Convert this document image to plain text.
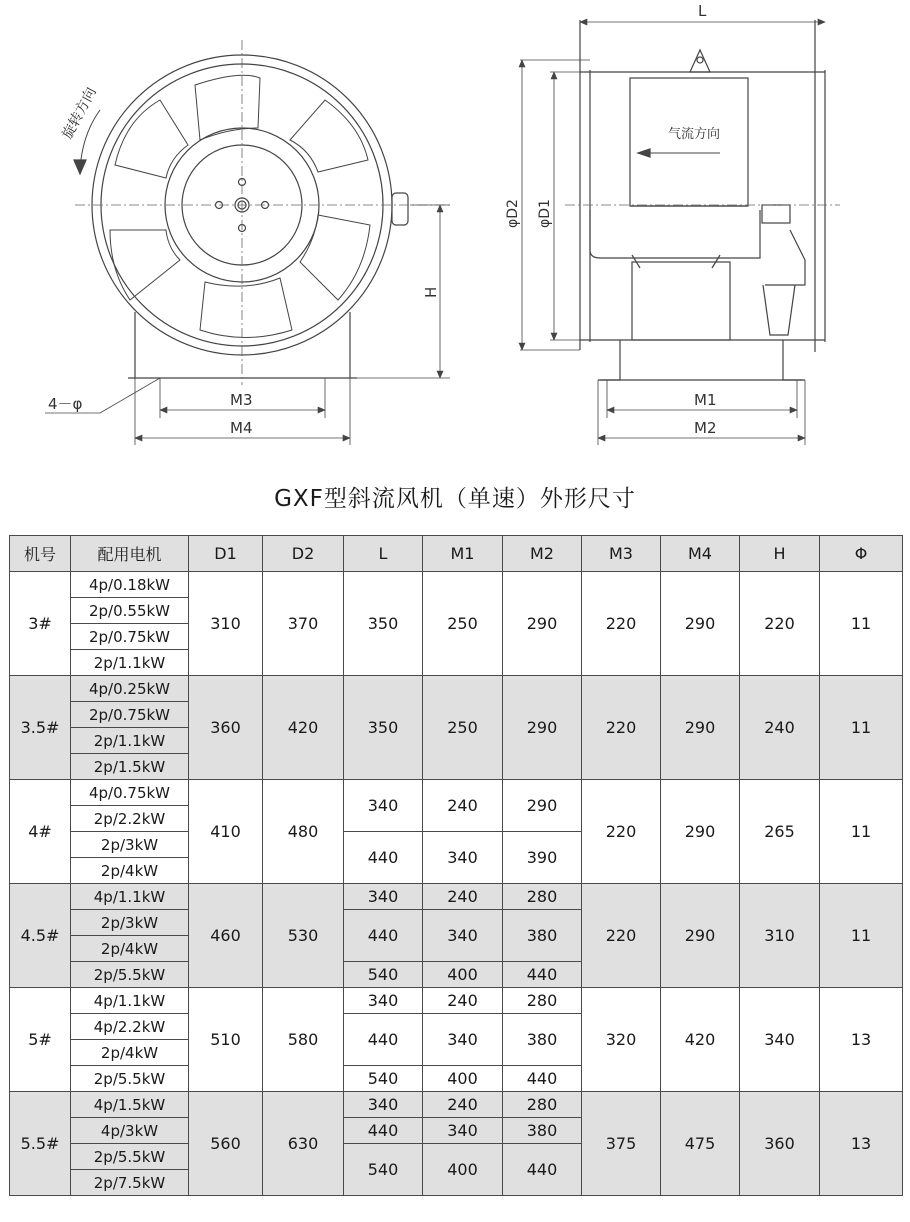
旋转方向
4－φ	M3
M4
H
L
φD2 φD1
气流方向
M1
M2
GXF型斜流风机（单速）外形尺寸
机号	配用电机	D1	D2	L	M1	M2	M3	M4	H	Φ
3#	4p/0.18kW	310	370	350	250	290	220	290	220	11
	2p/0.55kW									
	2p/0.75kW									
	2p/1.1kW									
3.5#	4p/0.25kW	360	420	350	250	290	220	290	240	11
	2p/0.75kW									
	2p/1.1kW									
	2p/1.5kW									
4#	4p/0.75kW	410	480	340	240	290	220	290	265	11
	2p/2.2kW									
	2p/3kW			440	340	390				
	2p/4kW									
4.5#	4p/1.1kW	460	530	340	240	280	220	290	310	11
	2p/3kW			440	340	380				
	2p/4kW									
	2p/5.5kW			540	400	440				
5#	4p/1.1kW	510	580	340	240	280	320	420	340	13
	4p/2.2kW			440	340	380				
	2p/4kW									
	2p/5.5kW			540	400	440				
5.5#	4p/1.5kW	560	630	340	240	280	375	475	360	13
	4p/3kW			440	340	380				
	2p/5.5kW			540	400	440				
	2p/7.5kW									
